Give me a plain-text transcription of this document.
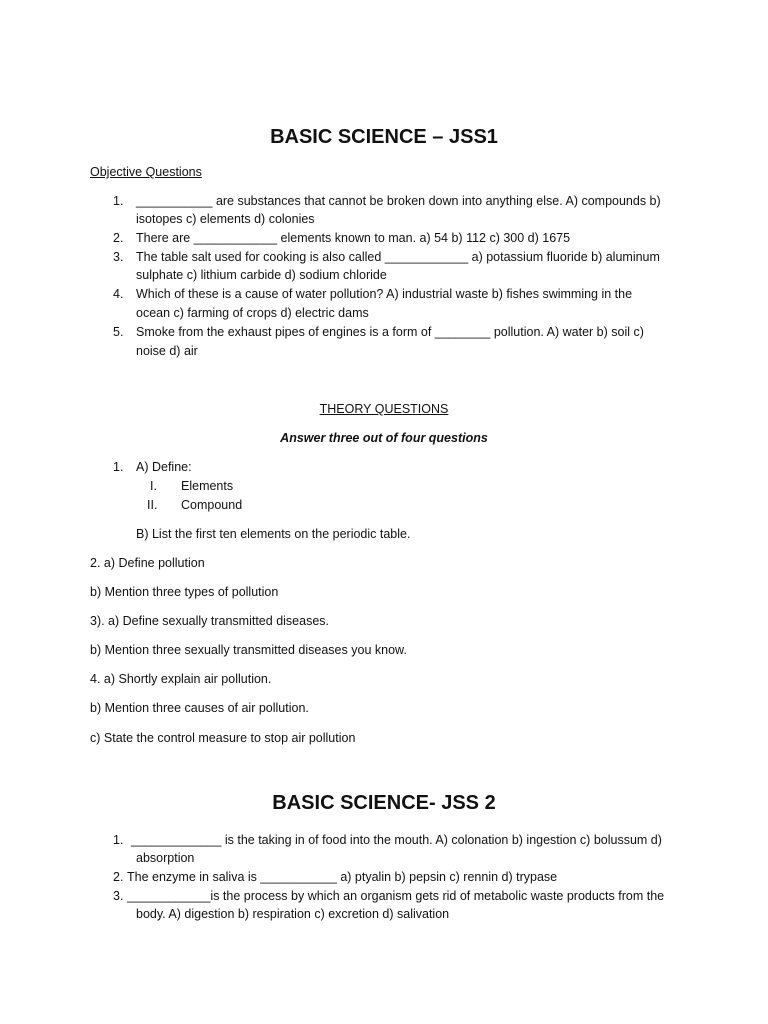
BASIC SCIENCE – JSS1
Objective Questions
1. ___________ are substances that cannot be broken down into anything else. A) compounds b)
isotopes c) elements d) colonies
2. There are ____________ elements known to man. a) 54 b) 112 c) 300 d) 1675
3. The table salt used for cooking is also called ____________ a) potassium fluoride b) aluminum
sulphate c) lithium carbide d) sodium chloride
4. Which of these is a cause of water pollution? A) industrial waste b) fishes swimming in the
ocean c) farming of crops d) electric dams
5. Smoke from the exhaust pipes of engines is a form of ________ pollution. A) water b) soil c)
noise d) air
THEORY QUESTIONS
Answer three out of four questions
1. A) Define:
I. Elements
II. Compound
B) List the first ten elements on the periodic table.
2. a) Define pollution
b) Mention three types of pollution
3). a) Define sexually transmitted diseases.
b) Mention three sexually transmitted diseases you know.
4. a) Shortly explain air pollution.
b) Mention three causes of air pollution.
c) State the control measure to stop air pollution
BASIC SCIENCE- JSS 2
1. _____________ is the taking in of food into the mouth. A) colonation b) ingestion c) bolussum d)
absorption
2. The enzyme in saliva is ___________ a) ptyalin b) pepsin c) rennin d) trypase
3. ____________is the process by which an organism gets rid of metabolic waste products from the
body. A) digestion b) respiration c) excretion d) salivation
